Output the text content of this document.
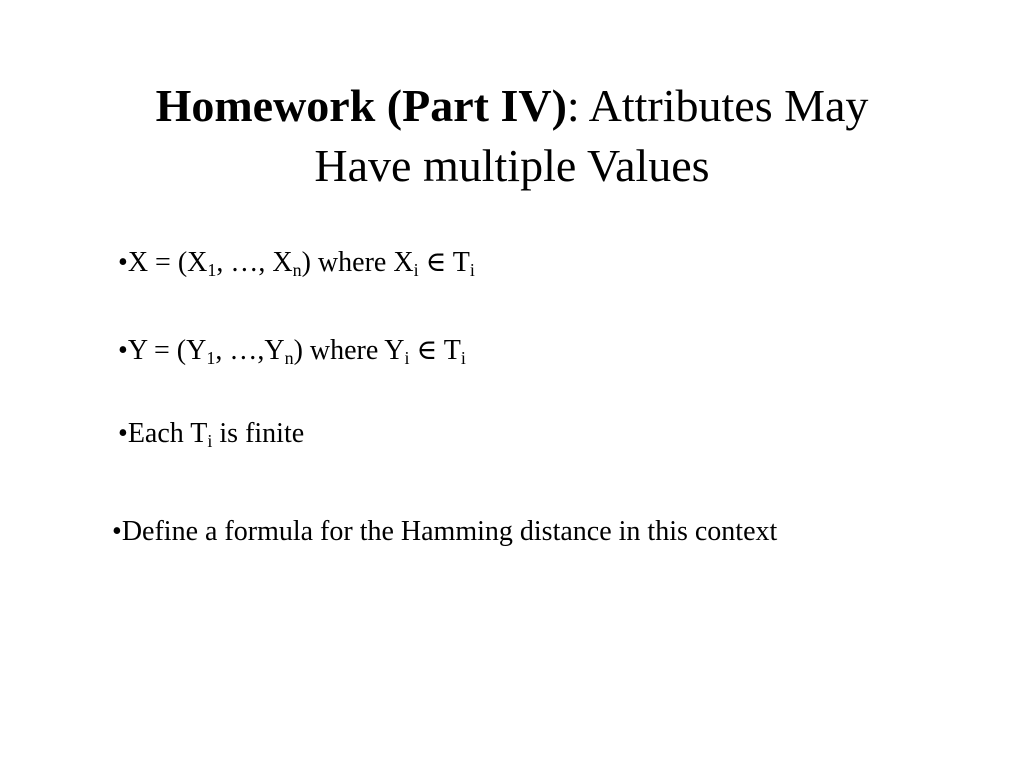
Homework (Part IV): Attributes May
Have multiple Values
•X = ($X_1$, …, $X_n$) where $X_i$ ∈ $T_i$
•Y = ($Y_1$, $\dots,Y_n$) where $Y_i$ ∈ $T_i$
•Each $T_i$ is finite
•Define a formula for the Hamming distance in this context
